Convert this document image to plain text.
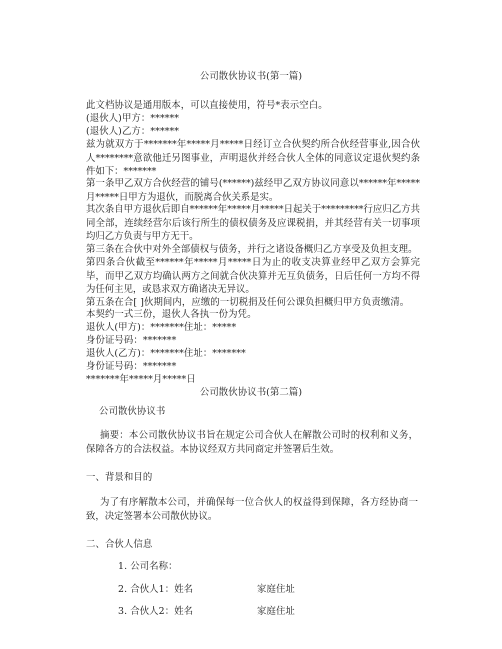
公司散伙协议书(第一篇)
此文档协议是通用版本，可以直接使用，符号*表示空白。
(退伙人)甲方：******
(退伙人)乙方：******
兹为就双方于*******年*****月*****日经订立合伙契约所合伙经营事业,因合伙人********意欲他迁另图事业，声明退伙并经合伙人全体的同意议定退伙契约条件如下：*******
第一条甲乙双方合伙经营的铺号(******)兹经甲乙双方协议同意以******年*****月*****日甲方为退伙，而脱离合伙关系是实。
其次条自甲方退伙后即自******年*****月*****日起关于*********行应归乙方共同全部，连续经营尔后该行所生的债权债务及应课税捐，并其经营有关一切事项均归乙方负责与甲方无干。
第三条在合伙中对外全部债权与债务，并行之诸设备概归乙方享受及负担支理。
第四条合伙截至******年*****月*****日为止的收支决算业经甲乙双方会算完毕，而甲乙双方均确认两方之间就合伙决算并无互负债务，日后任何一方均不得为任何主见，或恳求双方确诸决无异议。
第五条在合[ ]伙期间内，应缴的一切税捐及任何公课负担概归甲方负责缴清。
本契约一式三份，退伙人各执一份为凭。
退伙人(甲方)：*******住址：*****
身份证号码：*******
退伙人(乙方)：*******住址：*******
身份证号码：*******
*******年*****月*****日
公司散伙协议书(第二篇)
公司散伙协议书
摘要：本公司散伙协议书旨在规定公司合伙人在解散公司时的权利和义务，保障各方的合法权益。本协议经双方共同商定并签署后生效。
一、背景和目的
为了有序解散本公司，并确保每一位合伙人的权益得到保障，各方经协商一致，决定签署本公司散伙协议。
二、合伙人信息
1. 公司名称：
2. 合伙人1：姓名	家庭住址
3. 合伙人2：姓名	家庭住址
